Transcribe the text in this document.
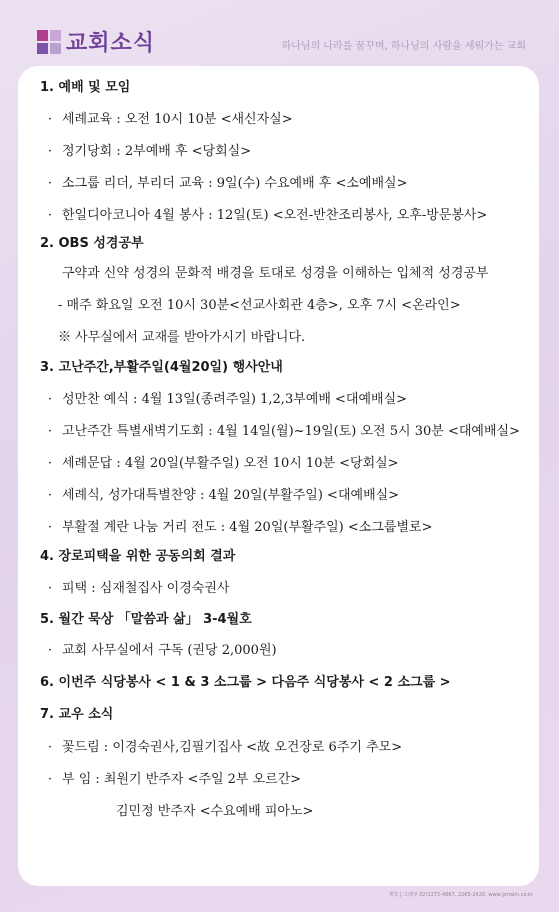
교회소식	하나님의 나라를 꿈꾸며, 하나님의 사람을 세워가는 교회
1. 예배 및 모임
· 세례교육 : 오전 10시 10분 <새신자실>
· 정기당회 : 2부예배 후 <당회실>
· 소그룹 리더, 부리더 교육 : 9일(수) 수요예배 후 <소예배실>
· 한일디아코니아 4월 봉사 : 12일(토) <오전-반찬조리봉사, 오후-방문봉사>
2. OBS 성경공부
구약과 신약 성경의 문화적 배경을 토대로 성경을 이해하는 입체적 성경공부
- 매주 화요일 오전 10시 30분<선교사회관 4층>, 오후 7시 <온라인>
※ 사무실에서 교재를 받아가시기 바랍니다.
3. 고난주간,부활주일(4월20일) 행사안내
· 성만찬 예식 : 4월 13일(종려주일) 1,2,3부예배 <대예배실>
· 고난주간 특별새벽기도회 : 4월 14일(월)~19일(토) 오전 5시 30분 <대예배실>
· 세례문답 : 4월 20일(부활주일) 오전 10시 10분 <당회실>
· 세례식, 성가대특별찬양 : 4월 20일(부활주일) <대예배실>
· 부활절 계란 나눔 거리 전도 : 4월 20일(부활주일) <소그룹별로>
4. 장로피택을 위한 공동의회 결과
· 피택 : 심재철집사 이경숙권사
5. 월간 묵상 「말씀과 삶」 3-4월호
· 교회 사무실에서 구독 (권당 2,000원)
6. 이번주 식당봉사 < 1 & 3 소그룹 > 다음주 식당봉사 < 2 소그룹 >
7. 교우 소식
· 꽃드림 : 이경숙권사,김필기집사 <故 오건장로 6주기 추모>
· 부 임 : 최원기 반주자 <주일 2부 오르간>
김민정 반주자 <수요예배 피아노>
제작 | 그레잇 02)2272-4667, 2265-2420, www.gmaim.co.kr
